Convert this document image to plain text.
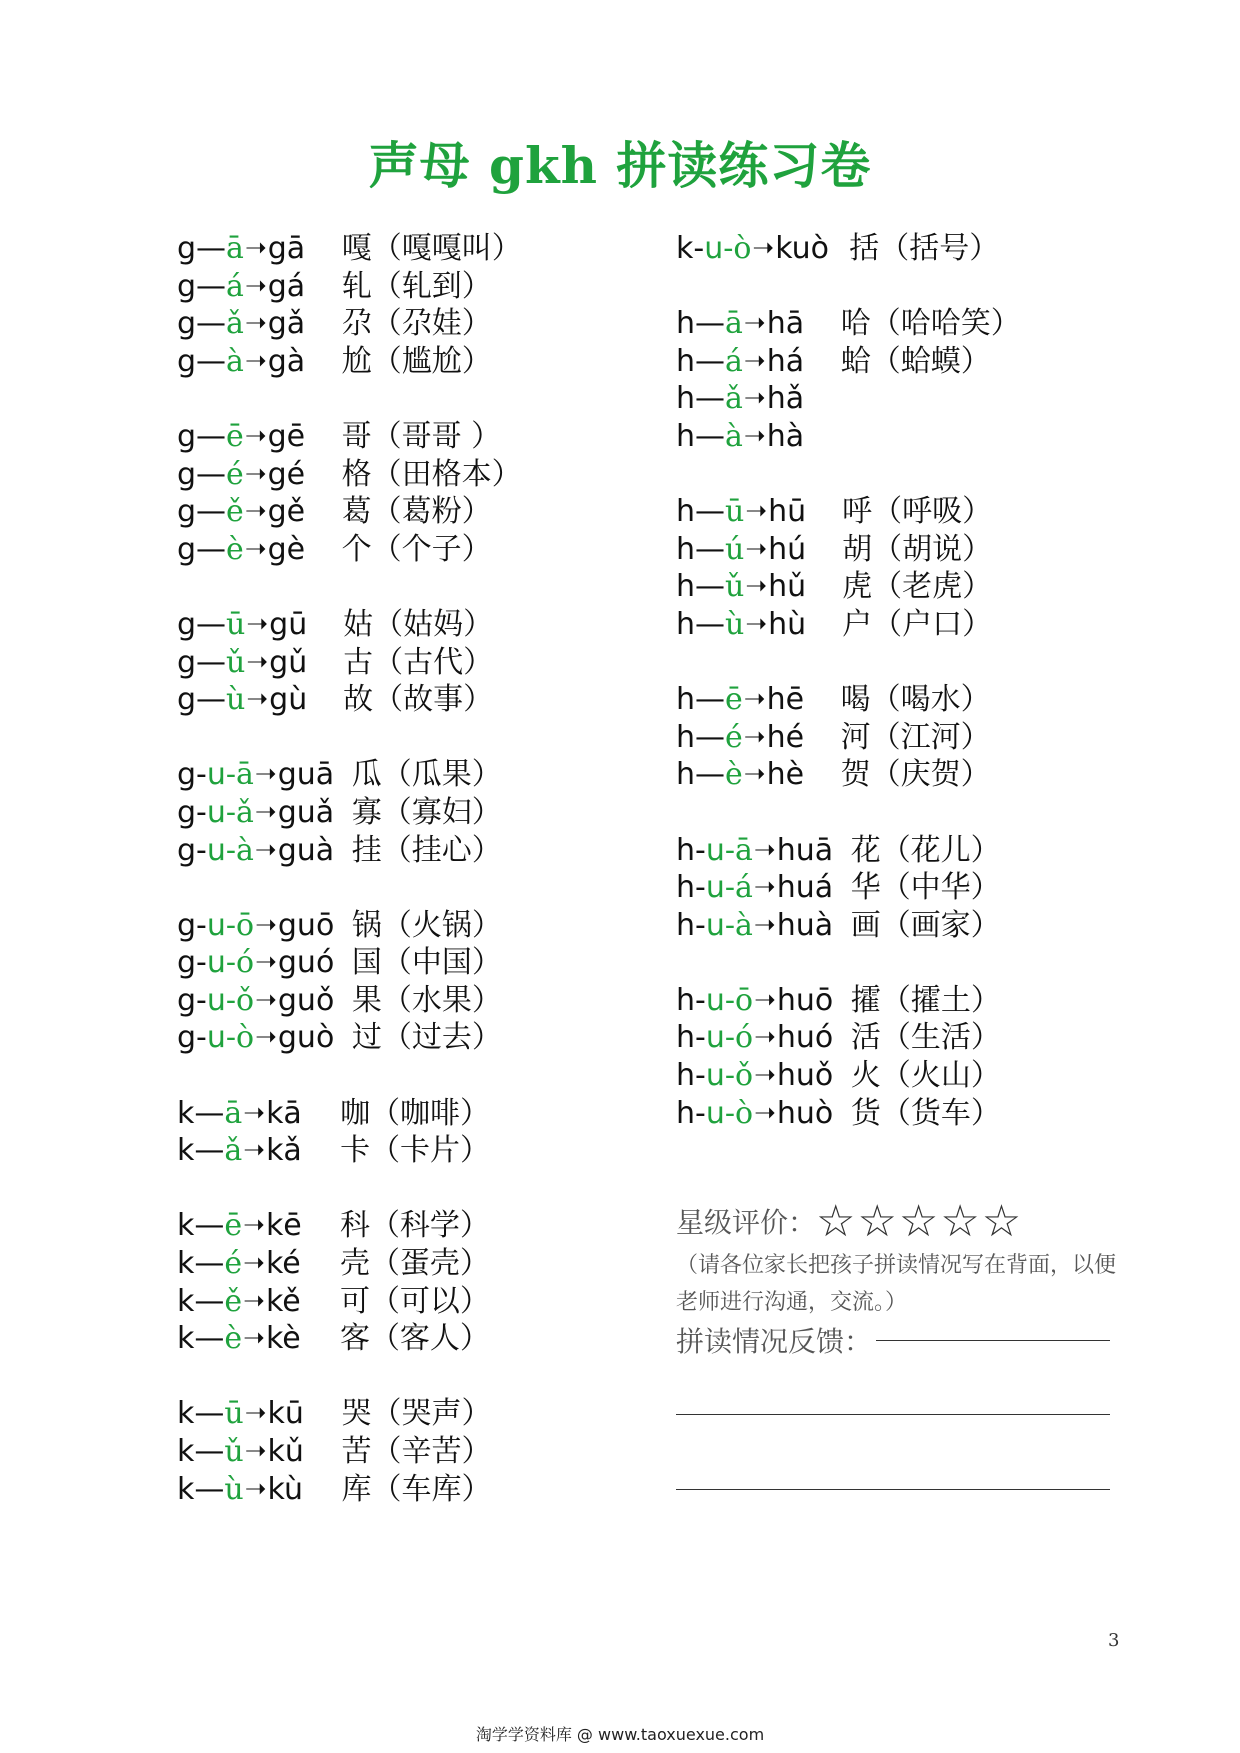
声母 gkh 拼读练习卷
g—ā➝gā 嘎（嘎嘎叫）
g—á➝gá 轧（轧到）
g—ǎ➝gǎ 尕（尕娃）
g—à➝gà 尬（尴尬）
g—ē➝gē 哥（哥哥 ）
g—é➝gé 格（田格本）
g—ě➝gě 葛（葛粉）
g—è➝gè 个（个子）
g—ū➝gū 姑（姑妈）
g—ǔ➝gǔ 古（古代）
g—ù➝gù 故（故事）
g-u-ā➝guā 瓜（瓜果）
g-u-ǎ➝guǎ 寡（寡妇）
g-u-à➝guà 挂（挂心）
g-u-ō➝guō 锅（火锅）
g-u-ó➝guó 国（中国）
g-u-ǒ➝guǒ 果（水果）
g-u-ò➝guò 过（过去）
k—ā➝kā 咖（咖啡）
k—ǎ➝kǎ 卡（卡片）
k—ē➝kē 科（科学）
k—é➝ké 壳（蛋壳）
k—ě➝kě 可（可以）
k—è➝kè 客（客人）
k—ū➝kū 哭（哭声）
k—ǔ➝kǔ 苦（辛苦）
k—ù➝kù 库（车库）
k-u-ò➝kuò 括（括号）
h—ā➝hā 哈（哈哈笑）
h—á➝há 蛤（蛤蟆）
h—ǎ➝hǎ
h—à➝hà
h—ū➝hū 呼（呼吸）
h—ú➝hú 胡（胡说）
h—ǔ➝hǔ 虎（老虎）
h—ù➝hù 户（户口）
h—ē➝hē 喝（喝水）
h—é➝hé 河（江河）
h—è➝hè 贺（庆贺）
h-u-ā➝huā 花（花儿）
h-u-á➝huá 华（中华）
h-u-à➝huà 画（画家）
h-u-ō➝huō 攉（攉土）
h-u-ó➝huó 活（生活）
h-u-ǒ➝huǒ 火（火山）
h-u-ò➝huò 货（货车）
星级评价：☆☆☆☆☆
（请各位家长把孩子拼读情况写在背面，以便老师进行沟通，交流。）
拼读情况反馈：
3
淘学学资料库 @ www.taoxuexue.com
